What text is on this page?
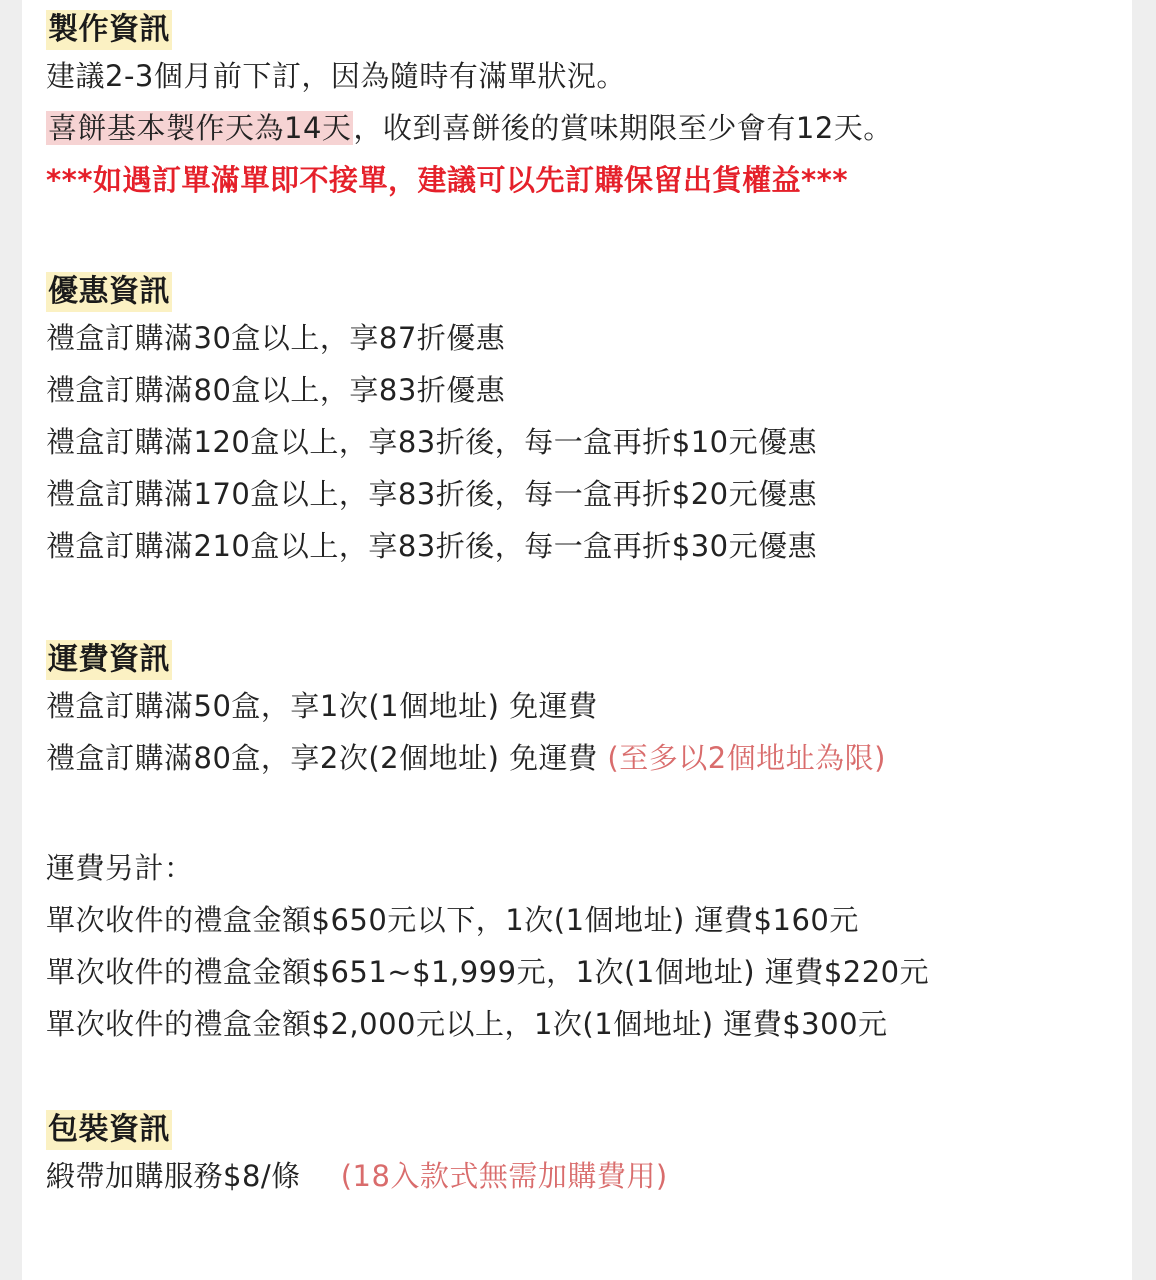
製作資訊
建議2-3個月前下訂，因為隨時有滿單狀況。
喜餅基本製作天為14天，收到喜餅後的賞味期限至少會有12天。
***如遇訂單滿單即不接單，建議可以先訂購保留出貨權益***
優惠資訊
禮盒訂購滿30盒以上，享87折優惠
禮盒訂購滿80盒以上，享83折優惠
禮盒訂購滿120盒以上，享83折後，每一盒再折$10元優惠
禮盒訂購滿170盒以上，享83折後，每一盒再折$20元優惠
禮盒訂購滿210盒以上，享83折後，每一盒再折$30元優惠
運費資訊
禮盒訂購滿50盒，享1次(1個地址) 免運費
禮盒訂購滿80盒，享2次(2個地址) 免運費 (至多以2個地址為限)
運費另計：
單次收件的禮盒金額$650元以下，1次(1個地址) 運費$160元
單次收件的禮盒金額$651~$1,999元，1次(1個地址) 運費$220元
單次收件的禮盒金額$2,000元以上，1次(1個地址) 運費$300元
包裝資訊
緞帶加購服務$8/條 (18入款式無需加購費用)
